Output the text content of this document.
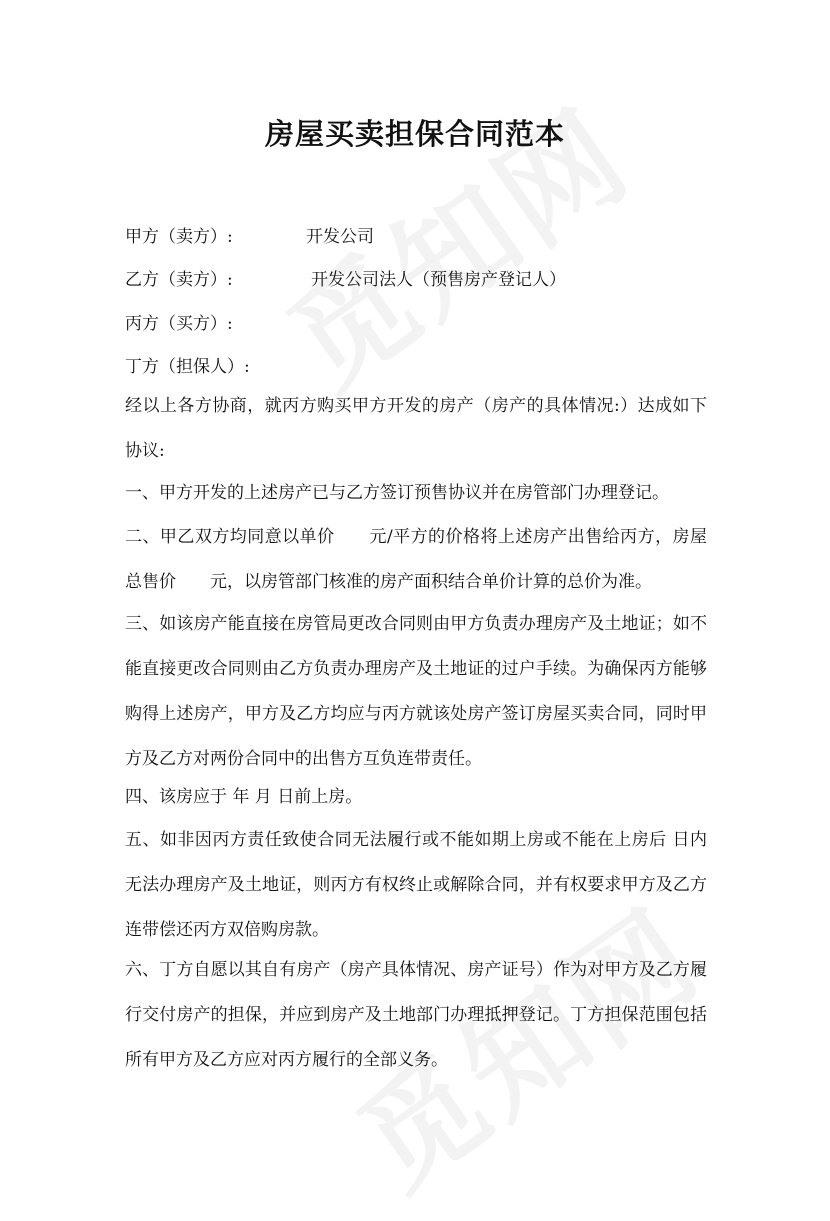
房屋买卖担保合同范本
甲方（卖方）:	开发公司
乙方（卖方）:	开发公司法人（预售房产登记人）
丙方（买方）:
丁方（担保人）:
经以上各方协商，就丙方购买甲方开发的房产（房产的具体情况:）达成如下协议:
一、甲方开发的上述房产已与乙方签订预售协议并在房管部门办理登记。
二、甲乙双方均同意以单价　　元/平方的价格将上述房产出售给丙方，房屋总售价　　元，以房管部门核准的房产面积结合单价计算的总价为准。
三、如该房产能直接在房管局更改合同则由甲方负责办理房产及土地证；如不能直接更改合同则由乙方负责办理房产及土地证的过户手续。为确保丙方能够购得上述房产，甲方及乙方均应与丙方就该处房产签订房屋买卖合同，同时甲方及乙方对两份合同中的出售方互负连带责任。
四、该房应于 年 月 日前上房。
五、如非因丙方责任致使合同无法履行或不能如期上房或不能在上房后 日内无法办理房产及土地证，则丙方有权终止或解除合同，并有权要求甲方及乙方连带偿还丙方双倍购房款。
六、丁方自愿以其自有房产（房产具体情况、房产证号）作为对甲方及乙方履行交付房产的担保，并应到房产及土地部门办理抵押登记。丁方担保范围包括所有甲方及乙方应对丙方履行的全部义务。
